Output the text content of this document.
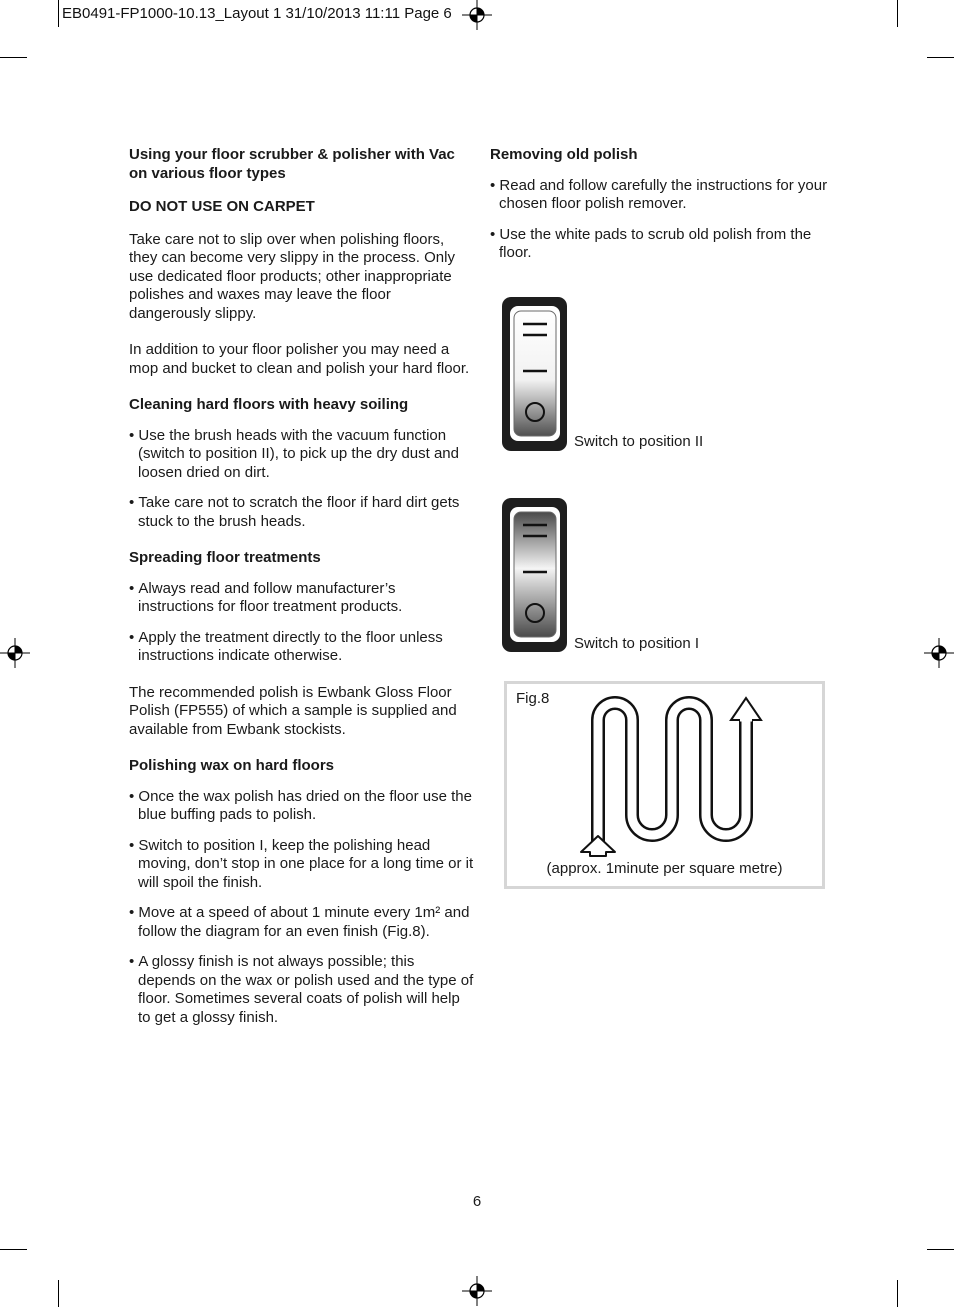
EB0491-FP1000-10.13_Layout 1 31/10/2013 11:11 Page 6

Using your floor scrubber & polisher with Vac on various floor types

DO NOT USE ON CARPET

Take care not to slip over when polishing floors, they can become very slippy in the process. Only use dedicated floor products; other inappropriate polishes and waxes may leave the floor dangerously slippy.

In addition to your floor polisher you may need a mop and bucket to clean and polish your hard floor.

Cleaning hard floors with heavy soiling

• Use the brush heads with the vacuum function (switch to position II), to pick up the dry dust and loosen dried on dirt.

• Take care not to scratch the floor if hard dirt gets stuck to the brush heads.

Spreading floor treatments

• Always read and follow manufacturer’s instructions for floor treatment products.

• Apply the treatment directly to the floor unless instructions indicate otherwise.

The recommended polish is Ewbank Gloss Floor Polish (FP555) of which a sample is supplied and available from Ewbank stockists.

Polishing wax on hard floors

• Once the wax polish has dried on the floor use the blue buffing pads to polish.

• Switch to position I, keep the polishing head moving, don’t stop in one place for a long time or it will spoil the finish.

• Move at a speed of about 1 minute every 1m² and follow the diagram for an even finish (Fig.8).

• A glossy finish is not always possible; this depends on the wax or polish used and the type of floor. Sometimes several coats of polish will help to get a glossy finish.

Removing old polish

• Read and follow carefully the instructions for your chosen floor polish remover.

• Use the white pads to scrub old polish from the floor.

Switch to position II
Switch to position I
Fig.8
(approx. 1minute per square metre)
6
